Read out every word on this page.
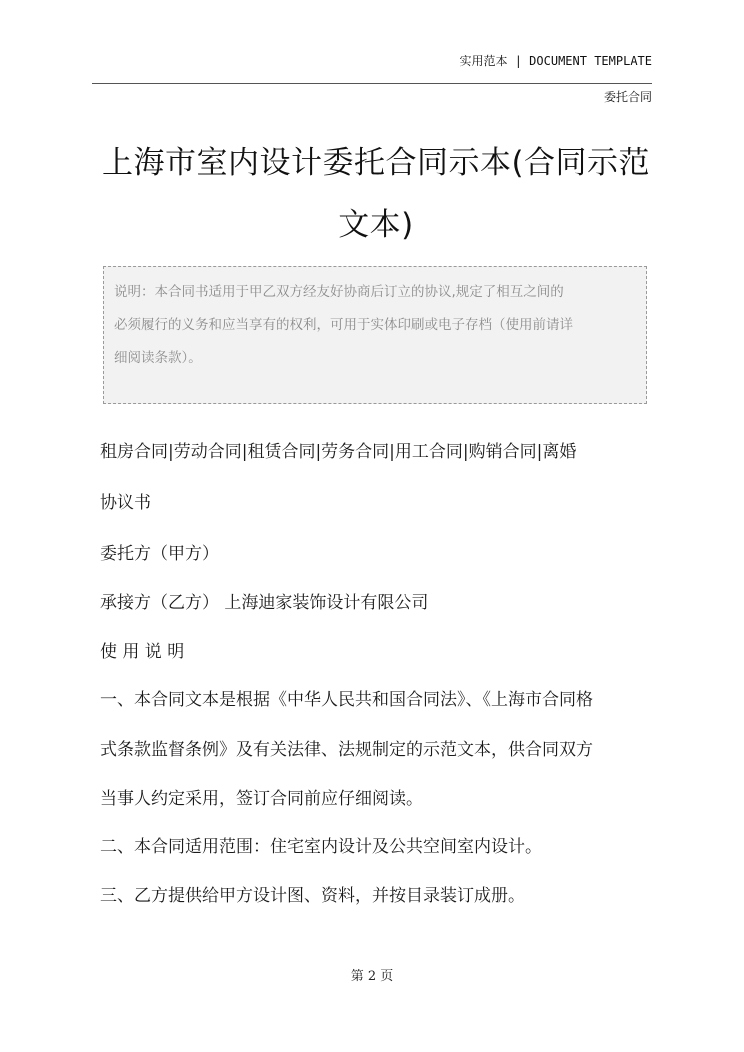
实用范本 | DOCUMENT TEMPLATE
委托合同
上海市室内设计委托合同示本(合同示范
文本)
说明：本合同书适用于甲乙双方经友好协商后订立的协议,规定了相互之间的
必须履行的义务和应当享有的权利，可用于实体印刷或电子存档（使用前请详
细阅读条款）。
租房合同|劳动合同|租赁合同|劳务合同|用工合同|购销合同|离婚
协议书
委托方（甲方）
承接方（乙方） 上海迪家装饰设计有限公司
使 用 说 明
一、本合同文本是根据《中华人民共和国合同法》、《上海市合同格
式条款监督条例》及有关法律、法规制定的示范文本，供合同双方
当事人约定采用，签订合同前应仔细阅读。
二、本合同适用范围：住宅室内设计及公共空间室内设计。
三、乙方提供给甲方设计图、资料，并按目录装订成册。
第 2 页
